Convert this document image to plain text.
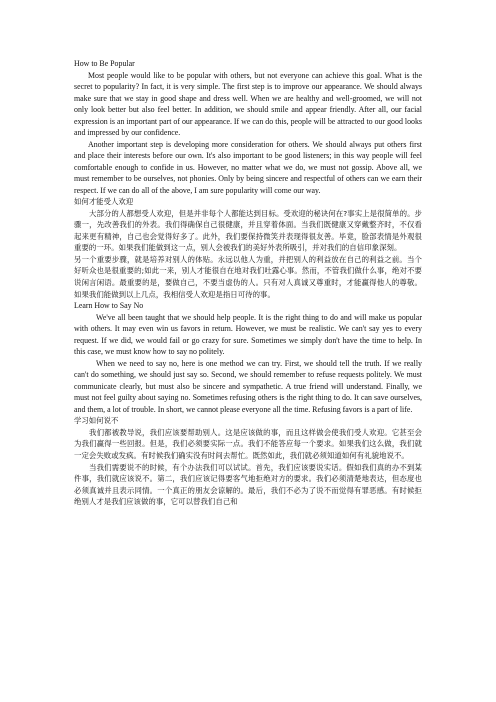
How to Be Popular

Most people would like to be popular with others, but not everyone can achieve this goal. What is the secret to popularity? In fact, it is very simple. The first step is to improve our appearance. We should always make sure that we stay in good shape and dress well. When we are healthy and well-groomed, we will not only look better but also feel better. In addition, we should smile and appear friendly. After all, our facial expression is an important part of our appearance. If we can do this, people will be attracted to our good looks and impressed by our confidence.

Another important step is developing more consideration for others. We should always put others first and place their interests before our own. It's also important to be good listeners; in this way people will feel comfortable enough to confide in us. However, no matter what we do, we must not gossip. Above all, we must remember to be ourselves, not phonies. Only by being sincere and respectful of others can we earn their respect. If we can do all of the above, I am sure popularity will come our way.

如何才能受人欢迎

大部分的人都想受人欢迎，但是并非每个人都能达到目标。受欢迎的秘诀何在?事实上是很简单的。步骤一，先改善我们的外表。我们得确保自己很健康，并且穿着体面。当我们既健康又穿戴整齐时，不仅看起来更有精神，自己也会觉得好多了。此外，我们要保持微笑并表现得很友善。毕竟，脸部表情是外观很重要的一环。如果我们能做到这一点，别人会被我们的美好外表所吸引，并对我们的自信印象深刻。

另一个重要步骤，就是培养对别人的体贴。永远以他人为重，并把别人的利益放在自己的利益之前。当个好听众也是很重要的;如此一来，别人才能很自在地对我们吐露心事。然而，不管我们做什么事，绝对不要说闲言闲语。最重要的是，要做自己，不要当虚伪的人。只有对人真诚又尊重时，才能赢得他人的尊敬。如果我们能做到以上几点，我相信受人欢迎是指日可待的事。

Learn How to Say No

We've all been taught that we should help people. It is the right thing to do and will make us popular with others. It may even win us favors in return. However, we must be realistic. We can't say yes to every request. If we did, we would fail or go crazy for sure. Sometimes we simply don't have the time to help. In this case, we must know how to say no politely.

When we need to say no, here is one method we can try. First, we should tell the truth. If we really can't do something, we should just say so. Second, we should remember to refuse requests politely. We must communicate clearly, but must also be sincere and sympathetic. A true friend will understand. Finally, we must not feel guilty about saying no. Sometimes refusing others is the right thing to do. It can save ourselves, and them, a lot of trouble. In short, we cannot please everyone all the time. Refusing favors is a part of life.

学习如何说不

我们都被教导说，我们应该要帮助别人。这是应该做的事，而且这样做会使我们受人欢迎。它甚至会为我们赢得一些回报。但是，我们必须要实际一点。我们不能答应每一个要求。如果我们这么做，我们就一定会失败或发疯。有时候我们确实没有时间去帮忙。既然如此，我们就必须知道如何有礼貌地说不。

当我们需要说不的时候，有个办法我们可以试试。首先，我们应该要说实话。假如我们真的办不到某件事，我们就应该说不。第二，我们应该记得要客气地拒绝对方的要求。我们必须清楚地表达，但态度也必须真诚并且表示同情。一个真正的朋友会谅解的。最后，我们不必为了说不而觉得有罪恶感。有时候拒绝别人才是我们应该做的事，它可以替我们自己和
